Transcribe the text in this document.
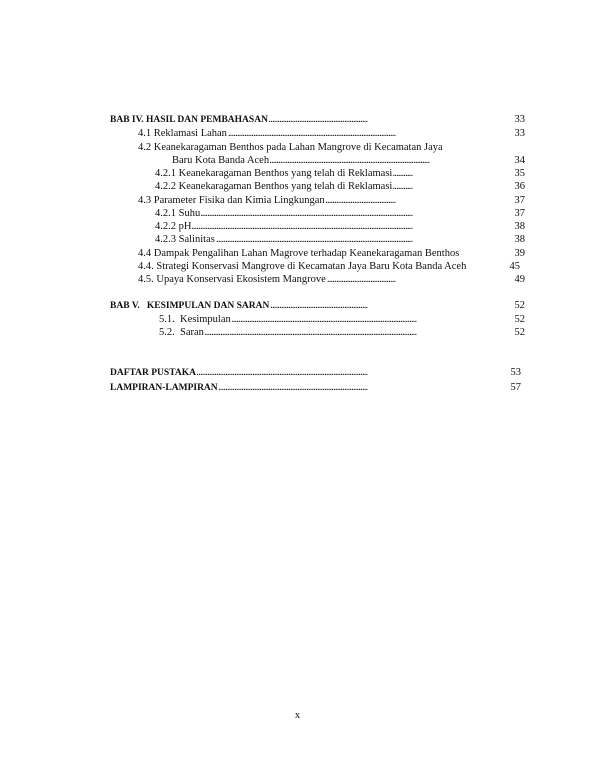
BAB IV. HASIL DAN PEMBAHASAN . . .	33
4.1 Reklamasi Lahan . . .	33
4.2 Keanekaragaman Benthos pada Lahan Mangrove di Kecamatan Jaya
Baru Kota Banda Aceh . . .	34
4.2.1 Keanekaragaman Benthos yang telah di Reklamasi . . .	35
4.2.2 Keanekaragaman Benthos yang telah di Reklamasi . . .	36
4.3 Parameter Fisika dan Kimia Lingkungan . . .	37
4.2.1 Suhu . . .	37
4.2.2 pH . . .	38
4.2.3 Salinitas . . .	38
4.4 Dampak Pengalihan Lahan Magrove terhadap Keanekaragaman Benthos	39
4.4. Strategi Konservasi Mangrove di Kecamatan Jaya Baru Kota Banda Aceh	45
4.5. Upaya Konservasi Ekosistem Mangrove . . .	49
BAB V.   KESIMPULAN DAN SARAN . . .	52
5.1.  Kesimpulan . . .	52
5.2.  Saran . . .	52
DAFTAR PUSTAKA . . .	53
LAMPIRAN-LAMPIRAN . . .	57
x
